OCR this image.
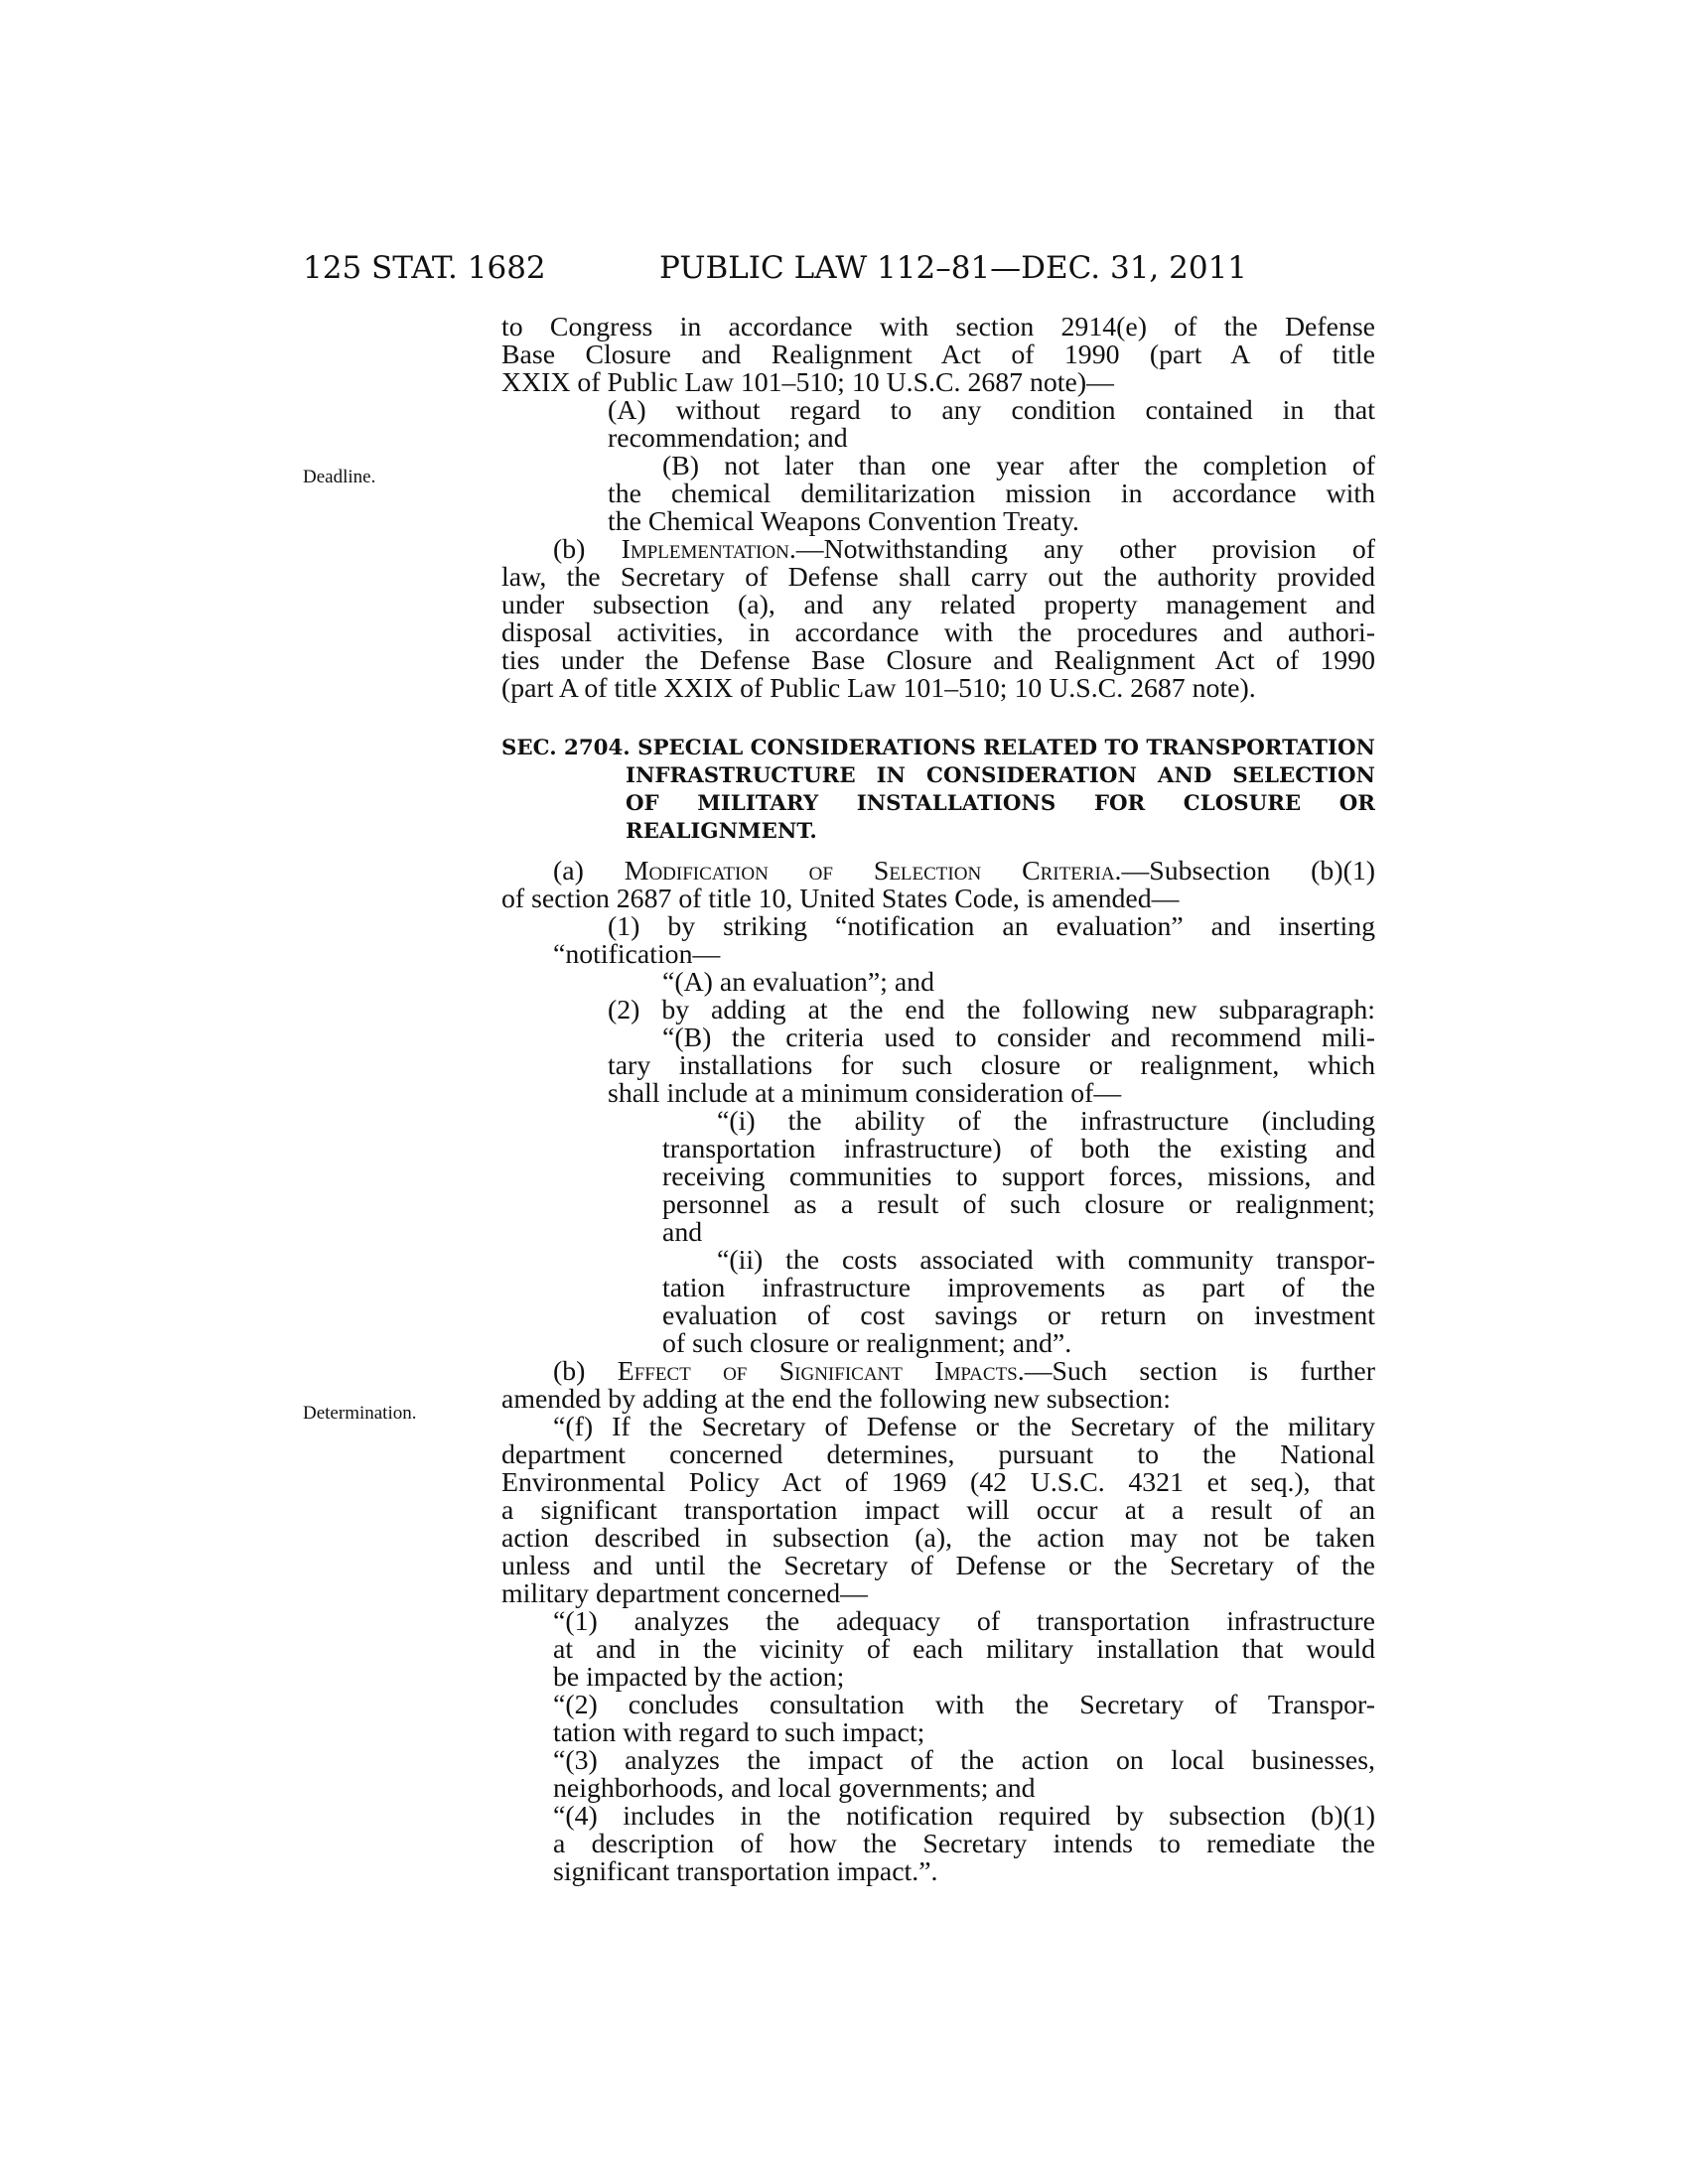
125 STAT. 1682	PUBLIC LAW 112–81—DEC. 31, 2011
Deadline.
Determination.
to Congress in accordance with section 2914(e) of the Defense
Base Closure and Realignment Act of 1990 (part A of title
XXIX of Public Law 101–510; 10 U.S.C. 2687 note)—
(A) without regard to any condition contained in that
recommendation; and
(B) not later than one year after the completion of
the chemical demilitarization mission in accordance with
the Chemical Weapons Convention Treaty.
(b) Implementation.—Notwithstanding any other provision of
law, the Secretary of Defense shall carry out the authority provided
under subsection (a), and any related property management and
disposal activities, in accordance with the procedures and authori-
ties under the Defense Base Closure and Realignment Act of 1990
(part A of title XXIX of Public Law 101–510; 10 U.S.C. 2687 note).
SEC. 2704. SPECIAL CONSIDERATIONS RELATED TO TRANSPORTATION
INFRASTRUCTURE IN CONSIDERATION AND SELECTION
OF MILITARY INSTALLATIONS FOR CLOSURE OR
REALIGNMENT.
(a) Modification of Selection Criteria.—Subsection (b)(1)
of section 2687 of title 10, United States Code, is amended—
(1) by striking “notification an evaluation” and inserting
“notification—
“(A) an evaluation”; and
(2) by adding at the end the following new subparagraph:
“(B) the criteria used to consider and recommend mili-
tary installations for such closure or realignment, which
shall include at a minimum consideration of—
“(i) the ability of the infrastructure (including
transportation infrastructure) of both the existing and
receiving communities to support forces, missions, and
personnel as a result of such closure or realignment;
and
“(ii) the costs associated with community transpor-
tation infrastructure improvements as part of the
evaluation of cost savings or return on investment
of such closure or realignment; and”.
(b) Effect of Significant Impacts.—Such section is further
amended by adding at the end the following new subsection:
“(f) If the Secretary of Defense or the Secretary of the military
department concerned determines, pursuant to the National
Environmental Policy Act of 1969 (42 U.S.C. 4321 et seq.), that
a significant transportation impact will occur at a result of an
action described in subsection (a), the action may not be taken
unless and until the Secretary of Defense or the Secretary of the
military department concerned—
“(1) analyzes the adequacy of transportation infrastructure
at and in the vicinity of each military installation that would
be impacted by the action;
“(2) concludes consultation with the Secretary of Transpor-
tation with regard to such impact;
“(3) analyzes the impact of the action on local businesses,
neighborhoods, and local governments; and
“(4) includes in the notification required by subsection (b)(1)
a description of how the Secretary intends to remediate the
significant transportation impact.”.
